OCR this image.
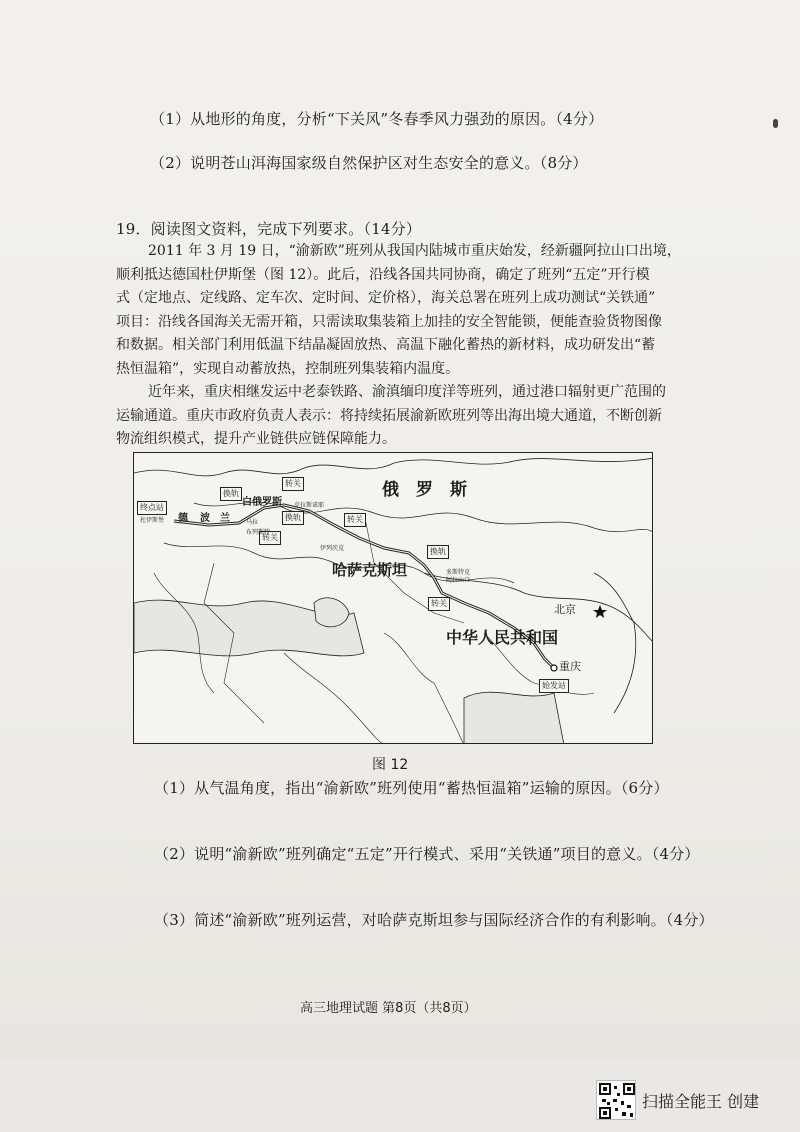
（1）从地形的角度，分析“下关风”冬春季风力强劲的原因。（4分）
（2）说明苍山洱海国家级自然保护区对生态安全的意义。（8分）
19．阅读图文资料，完成下列要求。（14分）

2011 年 3 月 19 日，“渝新欧”班列从我国内陆城市重庆始发，经新疆阿拉山口出境，

顺利抵达德国杜伊斯堡（图 12）。此后，沿线各国共同协商，确定了班列“五定”开行模

式（定地点、定线路、定车次、定时间、定价格），海关总署在班列上成功测试“关铁通”

项目：沿线各国海关无需开箱，只需读取集装箱上加挂的安全智能锁，便能查验货物图像

和数据。相关部门利用低温下结晶凝固放热、高温下融化蓄热的新材料，成功研发出“蓄

热恒温箱”，实现自动蓄放热，控制班列集装箱内温度。

近年来，重庆相继发运中老泰铁路、渝滇缅印度洋等班列，通过港口辐射更广范围的

运输通道。重庆市政府负责人表示：将持续拓展渝新欧班列等出海出境大通道，不断创新

物流组织模式，提升产业链供应链保障能力。

俄　罗　斯
哈萨克斯坦
中华人民共和国
波　兰
白俄罗斯
德
终点站
始发站
换轨
换轨
换轨
转关
转关
转关
转关	北京
重庆
伊列茨克
多斯特克
阿拉山口
克拉斯诺耶
布列斯特
马拉
杜伊斯堡
图 12
（1）从气温角度，指出“渝新欧”班列使用“蓄热恒温箱”运输的原因。（6分）
（2）说明“渝新欧”班列确定“五定”开行模式、采用“关铁通”项目的意义。（4分）
（3）简述“渝新欧”班列运营，对哈萨克斯坦参与国际经济合作的有利影响。（4分）
高三地理试题 第8页（共8页）
扫描全能王 创建
